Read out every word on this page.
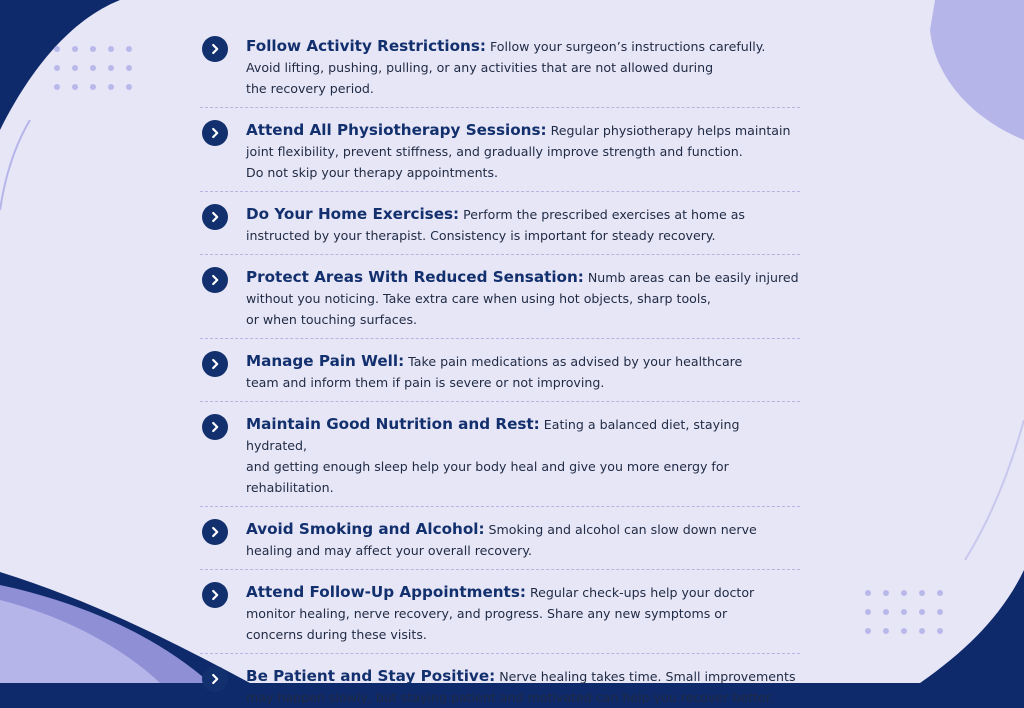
Follow Activity Restrictions: Follow your surgeon’s instructions carefully.

Avoid lifting, pushing, pulling, or any activities that are not allowed during

the recovery period.

Attend All Physiotherapy Sessions: Regular physiotherapy helps maintain

joint flexibility, prevent stiffness, and gradually improve strength and function.

Do not skip your therapy appointments.

Do Your Home Exercises: Perform the prescribed exercises at home as

instructed by your therapist. Consistency is important for steady recovery.

Protect Areas With Reduced Sensation: Numb areas can be easily injured

without you noticing. Take extra care when using hot objects, sharp tools,

or when touching surfaces.

Manage Pain Well: Take pain medications as advised by your healthcare

team and inform them if pain is severe or not improving.

Maintain Good Nutrition and Rest: Eating a balanced diet, staying hydrated,

and getting enough sleep help your body heal and give you more energy for

rehabilitation.

Avoid Smoking and Alcohol: Smoking and alcohol can slow down nerve

healing and may affect your overall recovery.

Attend Follow-Up Appointments: Regular check-ups help your doctor

monitor healing, nerve recovery, and progress. Share any new symptoms or

concerns during these visits.

Be Patient and Stay Positive: Nerve healing takes time. Small improvements

may happen slowly, but staying patient and motivated can help you recover better.
